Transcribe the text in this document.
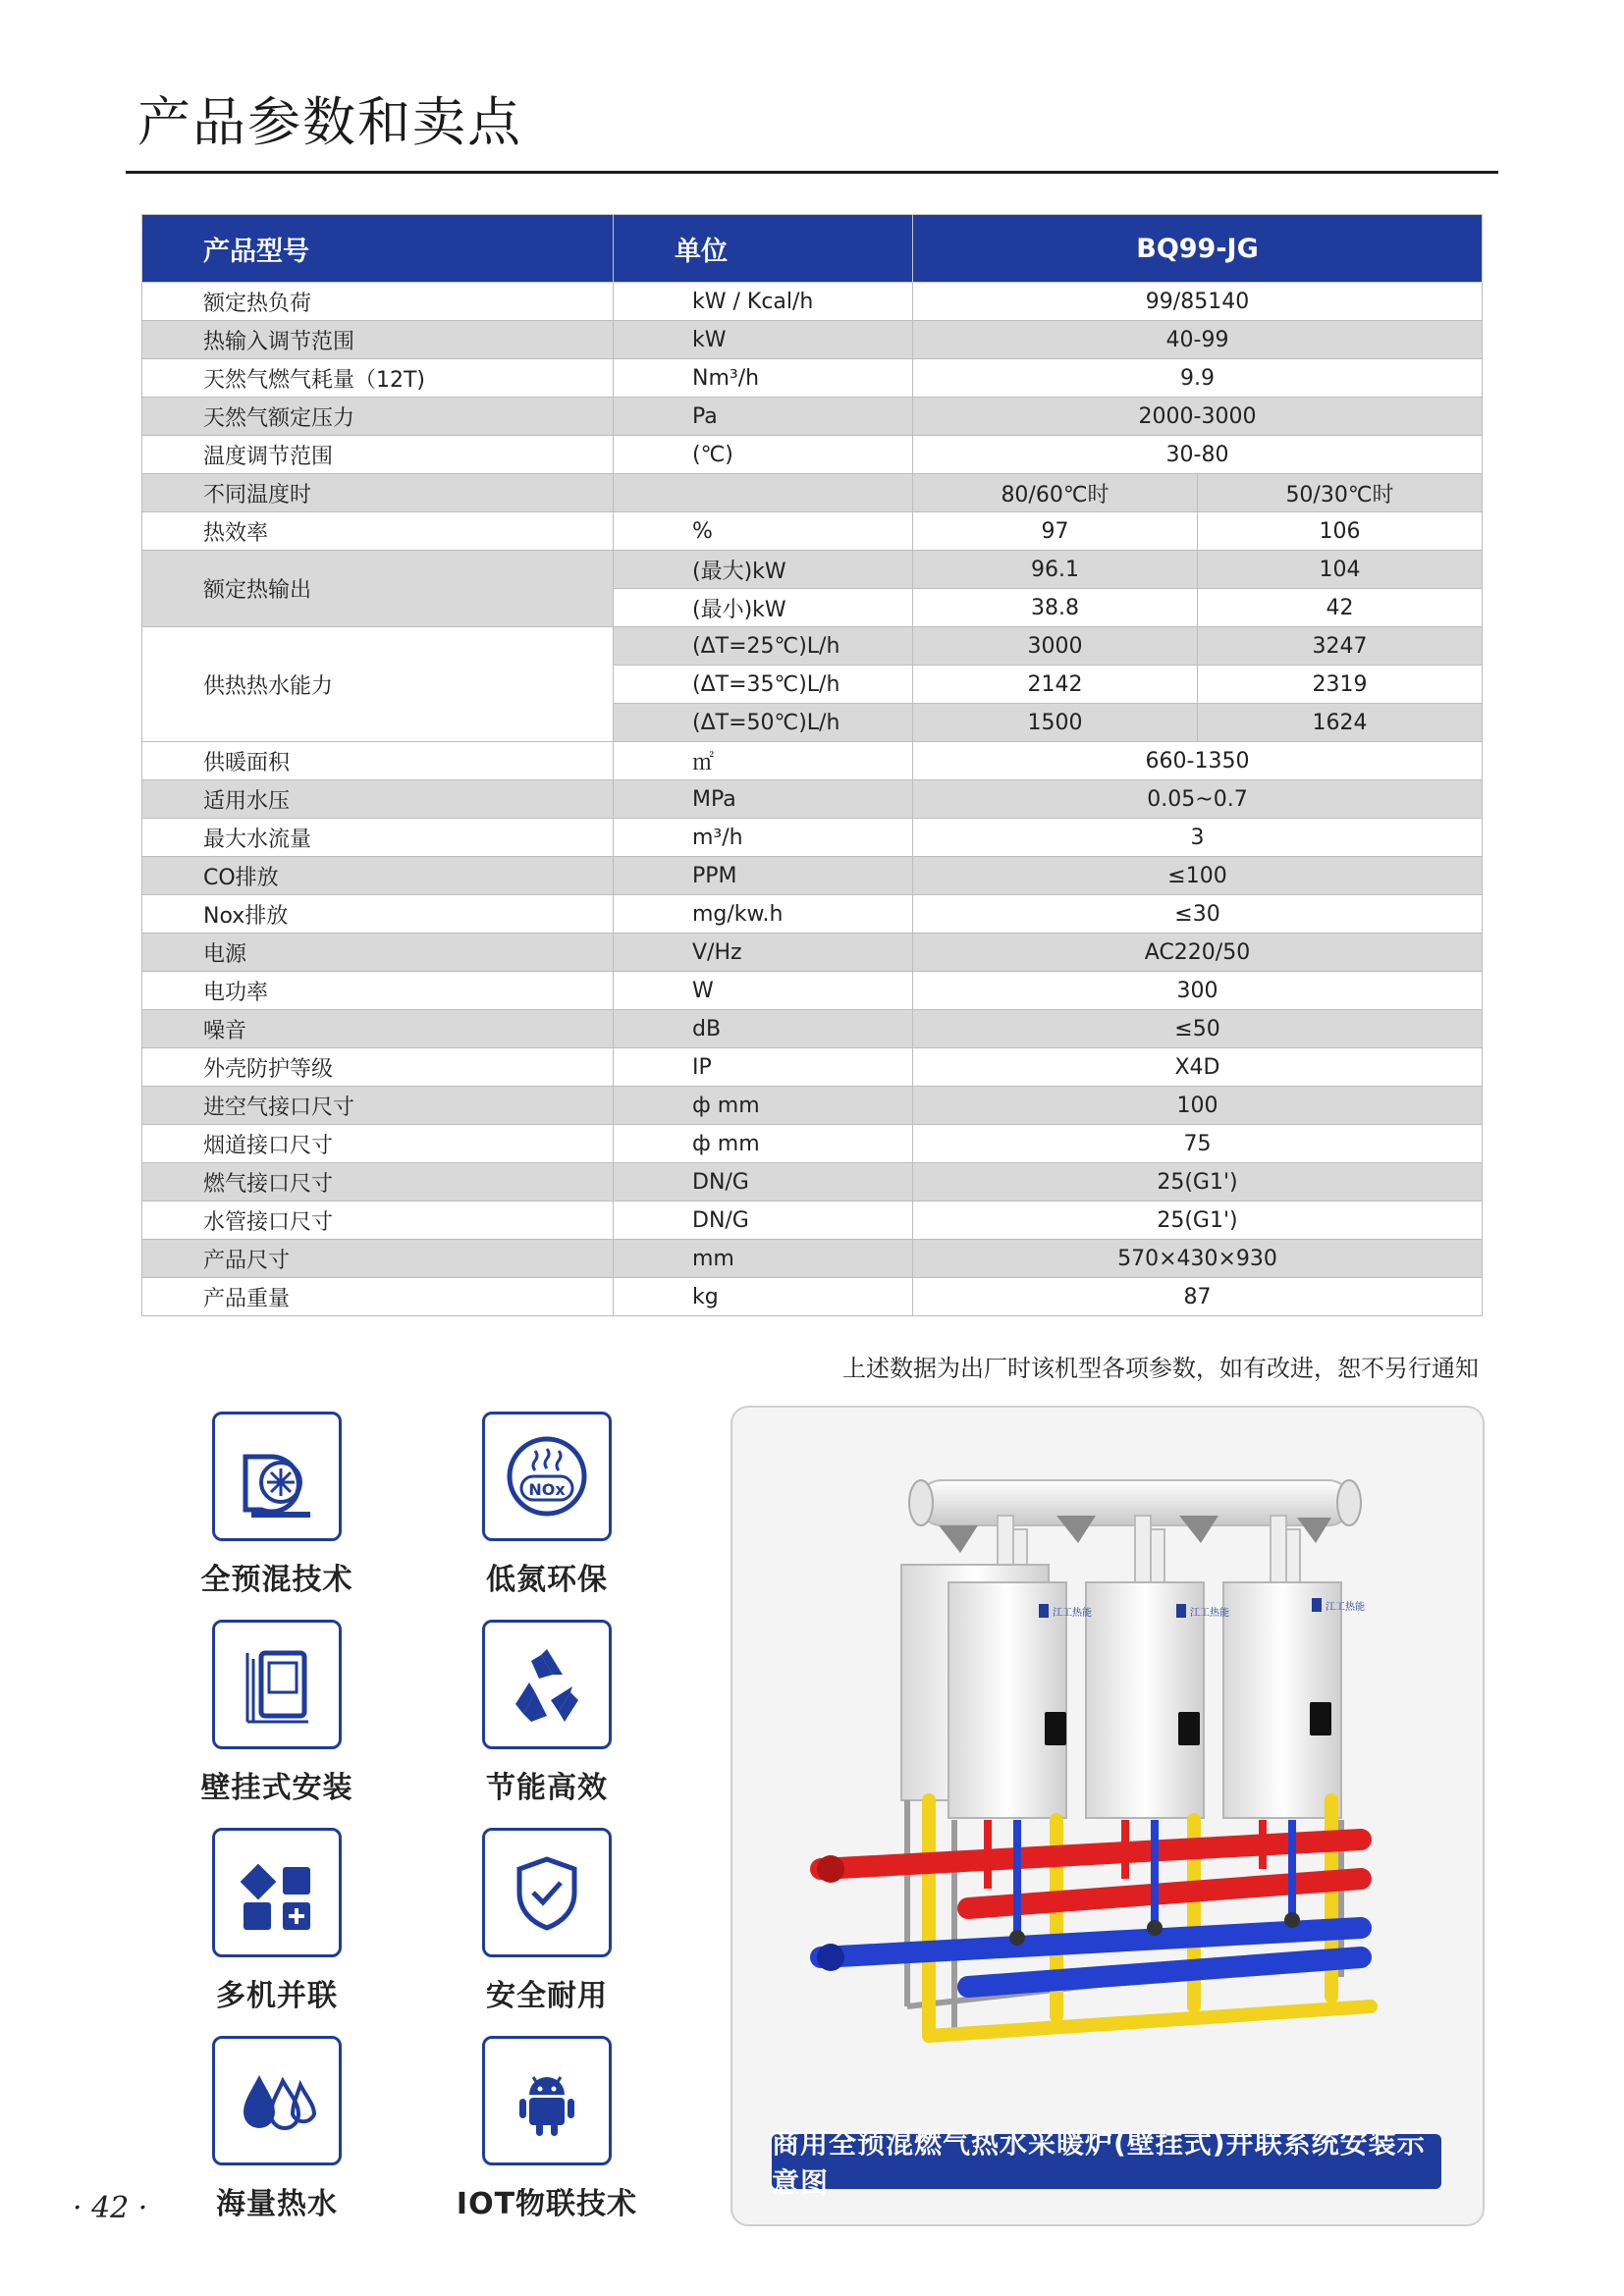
产品参数和卖点
产品型号	单位	BQ99-JG	
额定热负荷	kW / Kcal/h	99/85140	
热输入调节范围	kW	40-99	
天然气燃气耗量（12T)	Nm³/h	9.9	
天然气额定压力	Pa	2000-3000	
温度调节范围	(℃)	30-80	
不同温度时		80/60℃时	50/30℃时
热效率	%	97	106
额定热输出	(最大)kW	96.1	104
	(最小)kW	38.8	42
供热热水能力	(ΔT=25℃)L/h	3000	3247
	(ΔT=35℃)L/h	2142	2319
	(ΔT=50℃)L/h	1500	1624
供暖面积	㎡	660-1350	
适用水压	MPa	0.05~0.7	
最大水流量	m³/h	3	
CO排放	PPM	≤100	
Nox排放	mg/kw.h	≤30	
电源	V/Hz	AC220/50	
电功率	W	300	
噪音	dB	≤50	
外壳防护等级	IP	X4D	
进空气接口尺寸	ф mm	100	
烟道接口尺寸	ф mm	75	
燃气接口尺寸	DN/G	25(G1')	
水管接口尺寸	DN/G	25(G1')	
产品尺寸	mm	570×430×930	
产品重量	kg	87	
上述数据为出厂时该机型各项参数，如有改进，恕不另行通知
全预混技术
NOx
低氮环保
壁挂式安装	节能高效
多机并联	安全耐用
海量热水	IOT物联技术
江工热能	江工热能
江工热能
商用全预混燃气热水采暖炉(壁挂式)并联系统安装示意图
· 42 ·
